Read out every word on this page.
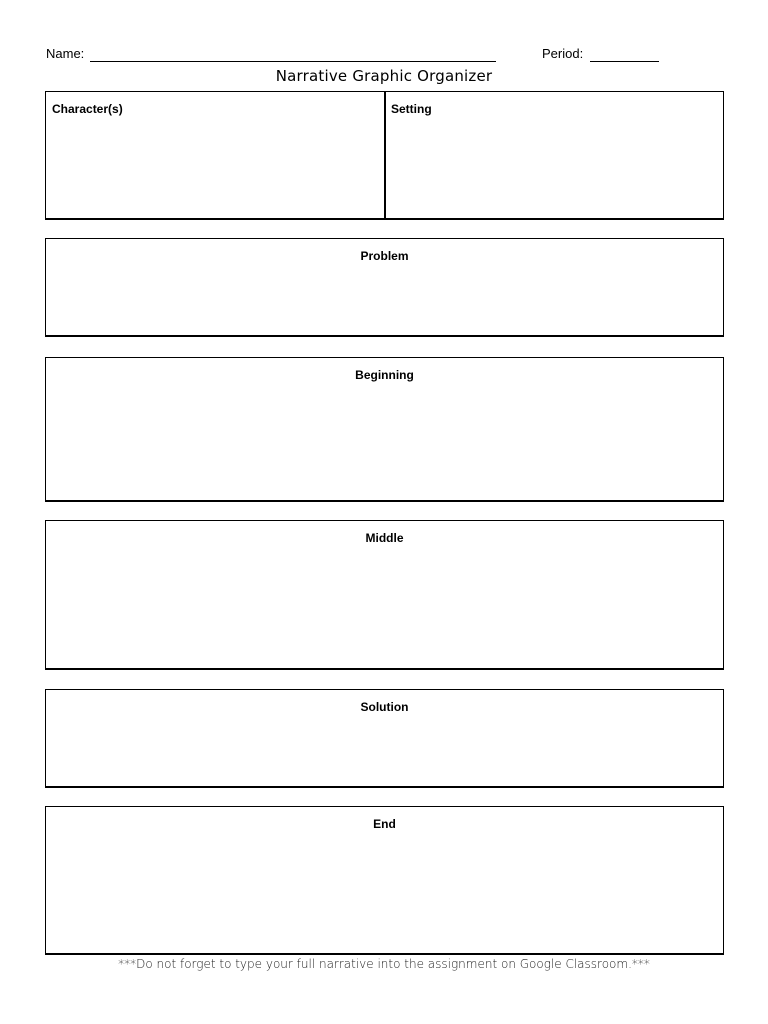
Name:	Period:
Narrative Graphic Organizer
Character(s)	Setting
Problem
Beginning
Middle
Solution
End
***Do not forget to type your full narrative into the assignment on Google Classroom.***
